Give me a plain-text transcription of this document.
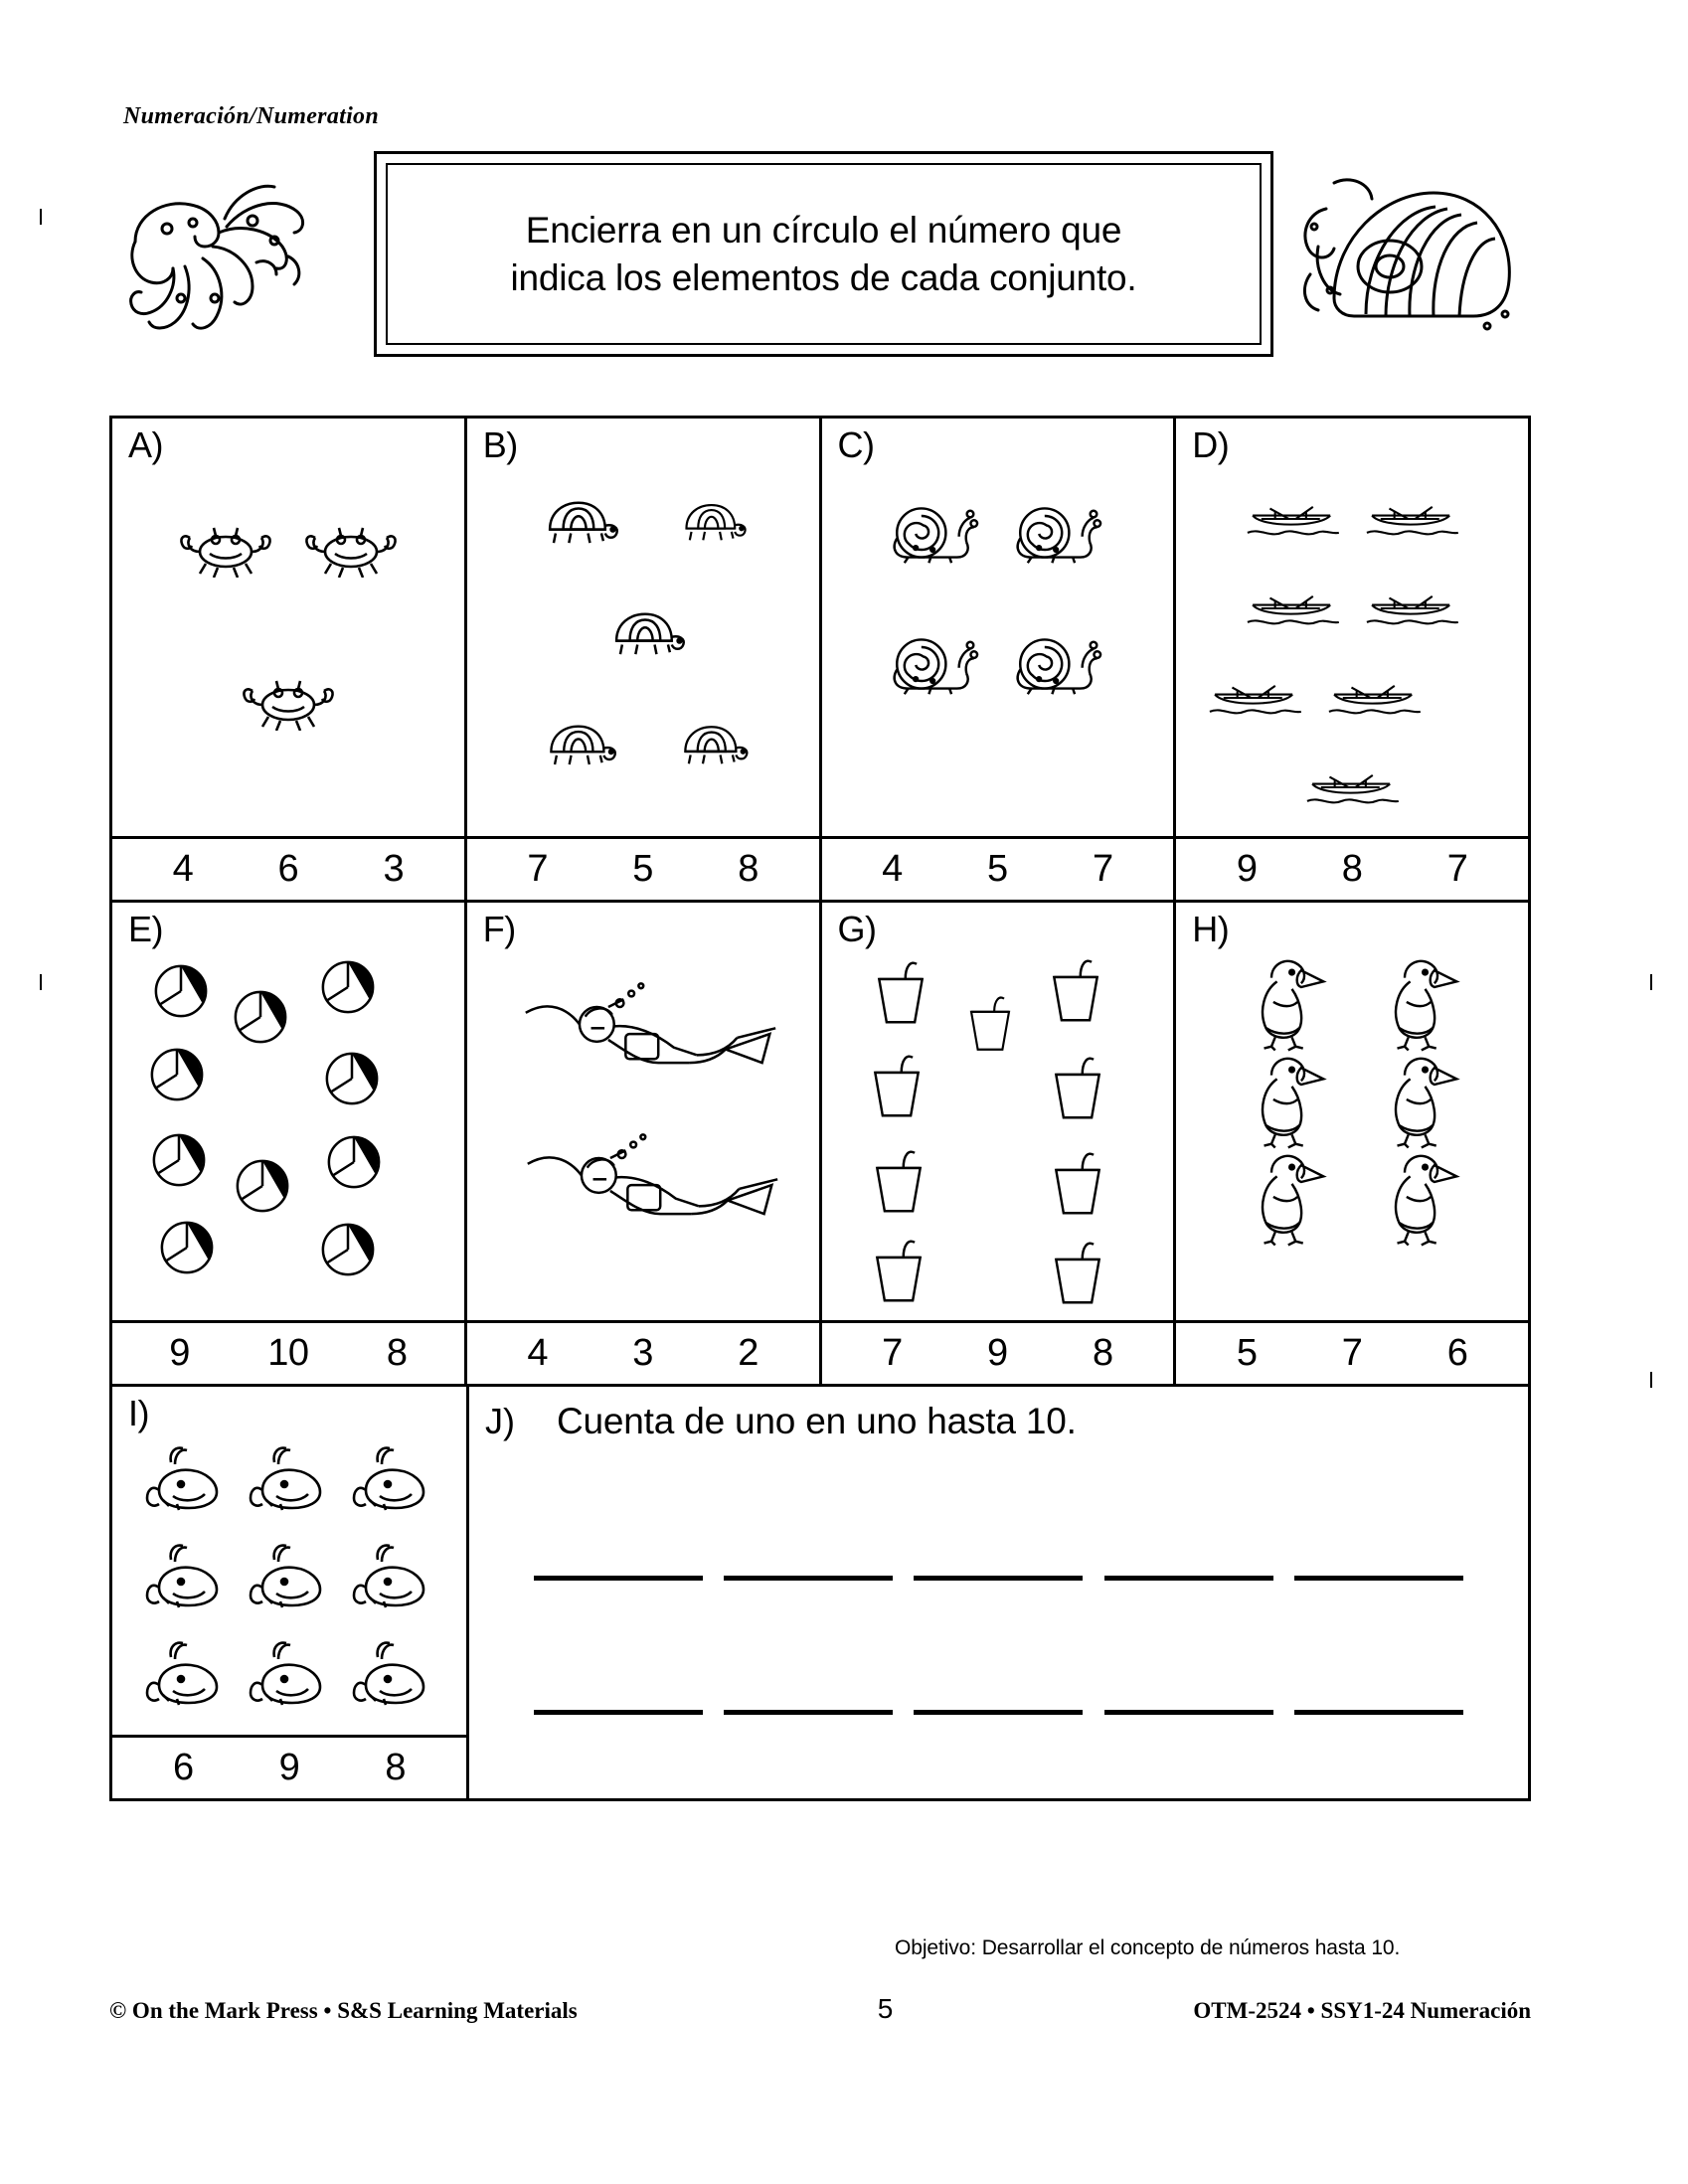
Numeración/Numeration
Encierra en un círculo el número que
indica los elementos de cada conjunto.
A)
4 6 3
B)
7 5 8
C)
4 5 7
D)
9 8 7
E)
9 10 8
F)
4 3 2
G)
7 9 8
H)
5 7 6
I)
6 9 8
J) Cuenta de uno en uno hasta 10.
Objetivo: Desarrollar el concepto de números hasta 10.
© On the Mark Press • S&S Learning Materials	5	OTM-2524 • SSY1-24 Numeración
